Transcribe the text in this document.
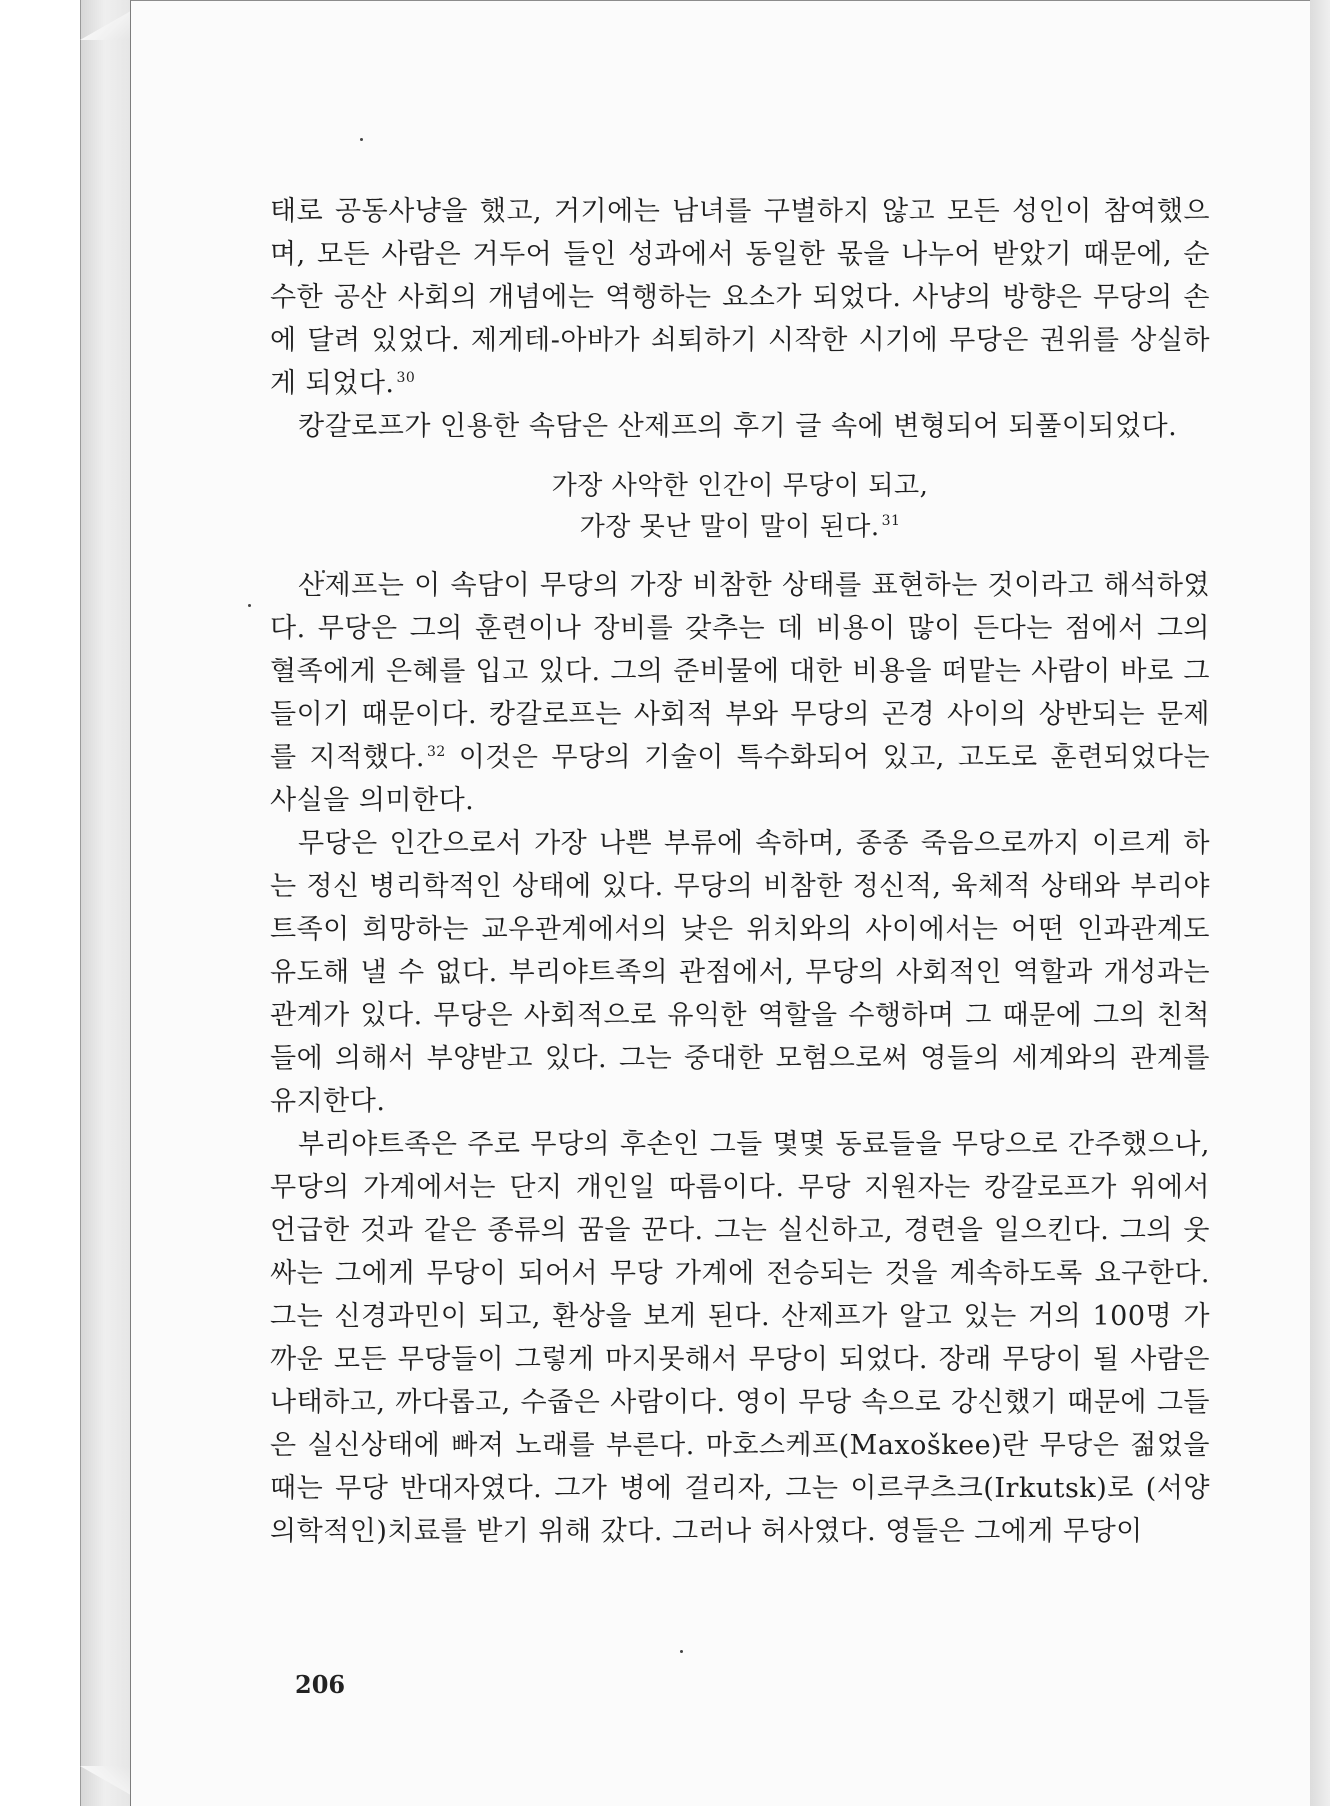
태로 공동사냥을 했고, 거기에는 남녀를 구별하지 않고 모든 성인이 참여했으며, 모든 사람은 거두어 들인 성과에서 동일한 몫을 나누어 받았기 때문에, 순수한 공산 사회의 개념에는 역행하는 요소가 되었다. 사냥의 방향은 무당의 손에 달려 있었다. 제게테-아바가 쇠퇴하기 시작한 시기에 무당은 권위를 상실하게 되었다. $^{30}$

캉갈로프가 인용한 속담은 산제프의 후기 글 속에 변형되어 되풀이되었다.

가장 사악한 인간이 무당이 되고,
가장 못난 말이 말이 된다. $^{31}$

산제프는 이 속담이 무당의 가장 비참한 상태를 표현하는 것이라고 해석하였다. 무당은 그의 훈련이나 장비를 갖추는 데 비용이 많이 든다는 점에서 그의 혈족에게 은혜를 입고 있다. 그의 준비물에 대한 비용을 떠맡는 사람이 바로 그들이기 때문이다. 캉갈로프는 사회적 부와 무당의 곤경 사이의 상반되는 문제를 지적했다. $^{32}$ 이것은 무당의 기술이 특수화되어 있고, 고도로 훈련되었다는 사실을 의미한다.

무당은 인간으로서 가장 나쁜 부류에 속하며, 종종 죽음으로까지 이르게 하는 정신 병리학적인 상태에 있다. 무당의 비참한 정신적, 육체적 상태와 부리야트족이 희망하는 교우관계에서의 낮은 위치와의 사이에서는 어떤 인과관계도 유도해 낼 수 없다. 부리야트족의 관점에서, 무당의 사회적인 역할과 개성과는 관계가 있다. 무당은 사회적으로 유익한 역할을 수행하며 그 때문에 그의 친척들에 의해서 부양받고 있다. 그는 중대한 모험으로써 영들의 세계와의 관계를 유지한다.

부리야트족은 주로 무당의 후손인 그들 몇몇 동료들을 무당으로 간주했으나, 무당의 가계에서는 단지 개인일 따름이다. 무당 지원자는 캉갈로프가 위에서 언급한 것과 같은 종류의 꿈을 꾼다. 그는 실신하고, 경련을 일으킨다. 그의 웃싸는 그에게 무당이 되어서 무당 가계에 전승되는 것을 계속하도록 요구한다. 그는 신경과민이 되고, 환상을 보게 된다. 산제프가 알고 있는 거의 100명 가까운 모든 무당들이 그렇게 마지못해서 무당이 되었다. 장래 무당이 될 사람은 나태하고, 까다롭고, 수줍은 사람이다. 영이 무당 속으로 강신했기 때문에 그들은 실신상태에 빠져 노래를 부른다. 마호스케프(Maxoškee)란 무당은 젊었을 때는 무당 반대자였다. 그가 병에 걸리자, 그는 이르쿠츠크(Irkutsk)로 (서양 의학적인)치료를 받기 위해 갔다. 그러나 허사였다. 영들은 그에게 무당이

206
